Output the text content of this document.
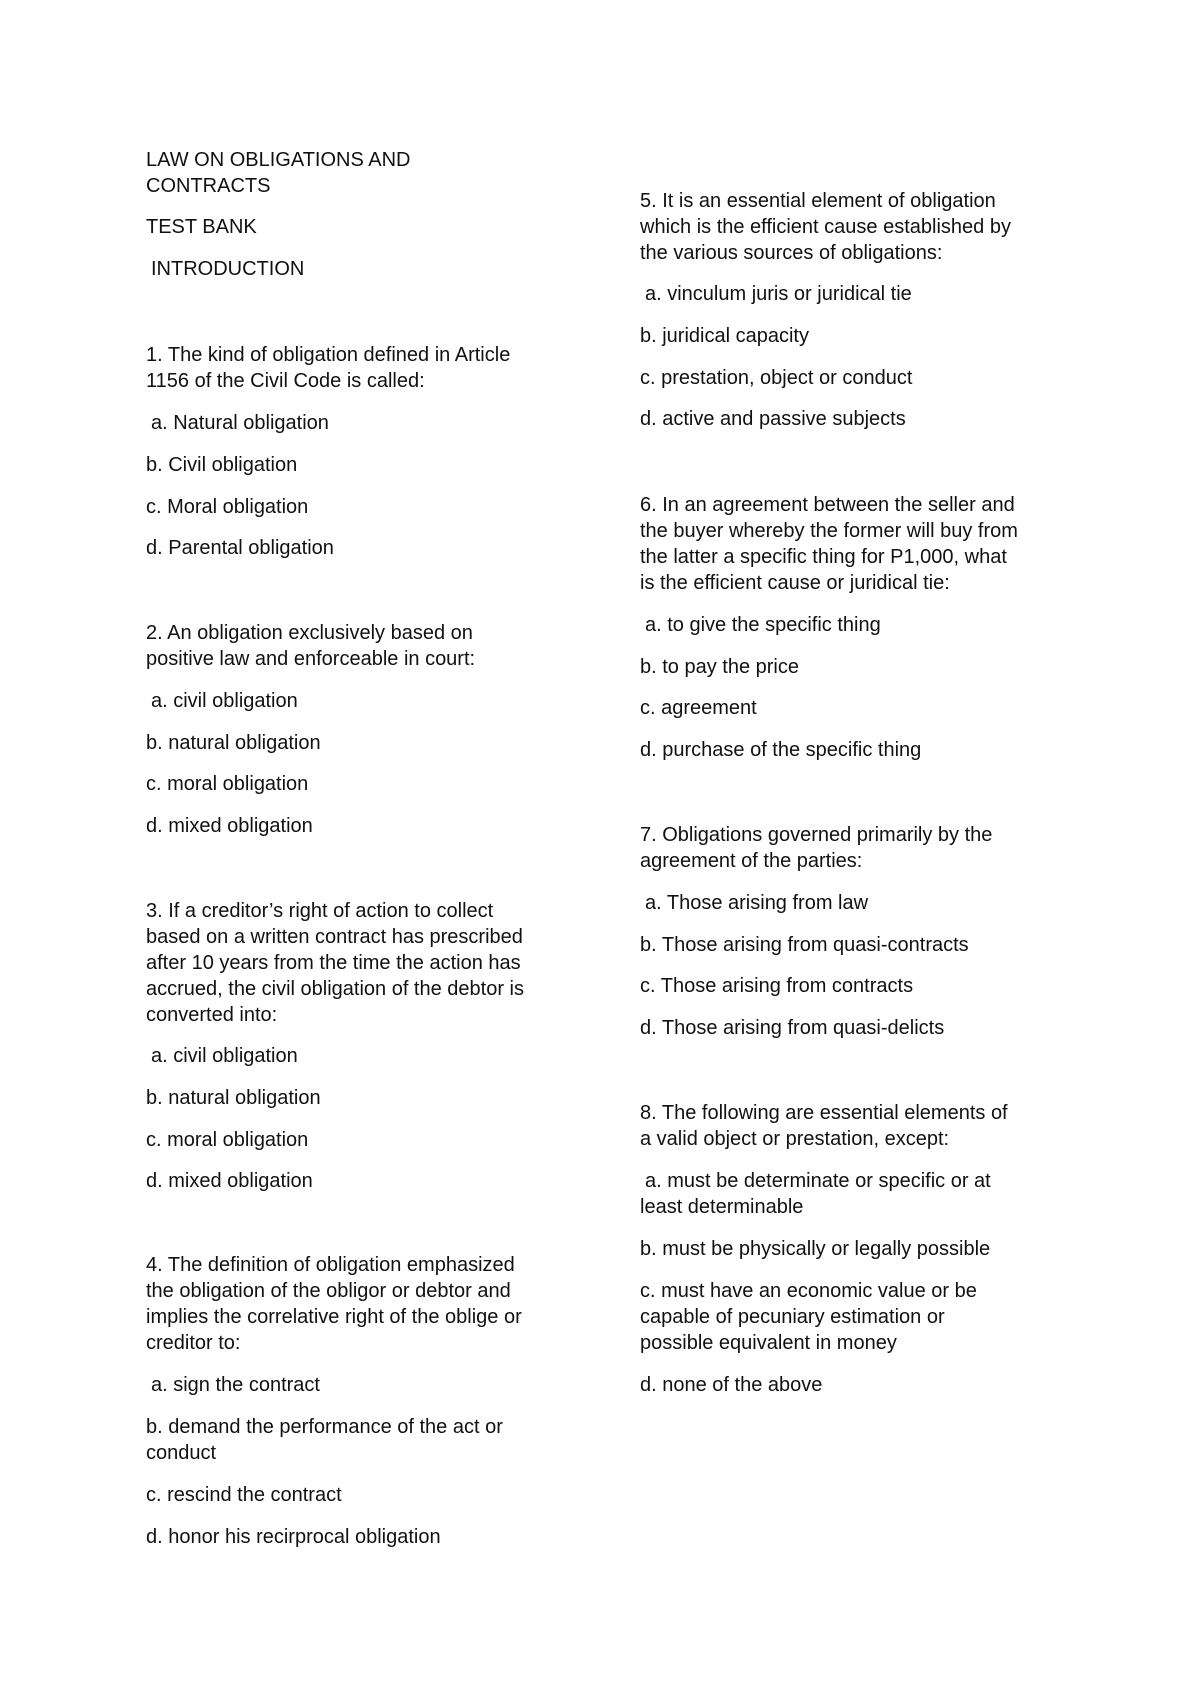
LAW ON OBLIGATIONS AND
CONTRACTS
TEST BANK
INTRODUCTION
1. The kind of obligation defined in Article
1156 of the Civil Code is called:
a. Natural obligation
b. Civil obligation
c. Moral obligation
d. Parental obligation
2. An obligation exclusively based on
positive law and enforceable in court:
a. civil obligation
b. natural obligation
c. moral obligation
d. mixed obligation
3. If a creditor’s right of action to collect
based on a written contract has prescribed
after 10 years from the time the action has
accrued, the civil obligation of the debtor is
converted into:
a. civil obligation
b. natural obligation
c. moral obligation
d. mixed obligation
4. The definition of obligation emphasized
the obligation of the obligor or debtor and
implies the correlative right of the oblige or
creditor to:
a. sign the contract
b. demand the performance of the act or
conduct
c. rescind the contract
d. honor his recirprocal obligation
5. It is an essential element of obligation
which is the efficient cause established by
the various sources of obligations:
a. vinculum juris or juridical tie
b. juridical capacity
c. prestation, object or conduct
d. active and passive subjects
6. In an agreement between the seller and
the buyer whereby the former will buy from
the latter a specific thing for P1,000, what
is the efficient cause or juridical tie:
a. to give the specific thing
b. to pay the price
c. agreement
d. purchase of the specific thing
7. Obligations governed primarily by the
agreement of the parties:
a. Those arising from law
b. Those arising from quasi-contracts
c. Those arising from contracts
d. Those arising from quasi-delicts
8. The following are essential elements of
a valid object or prestation, except:
a. must be determinate or specific or at
least determinable
b. must be physically or legally possible
c. must have an economic value or be
capable of pecuniary estimation or
possible equivalent in money
d. none of the above
